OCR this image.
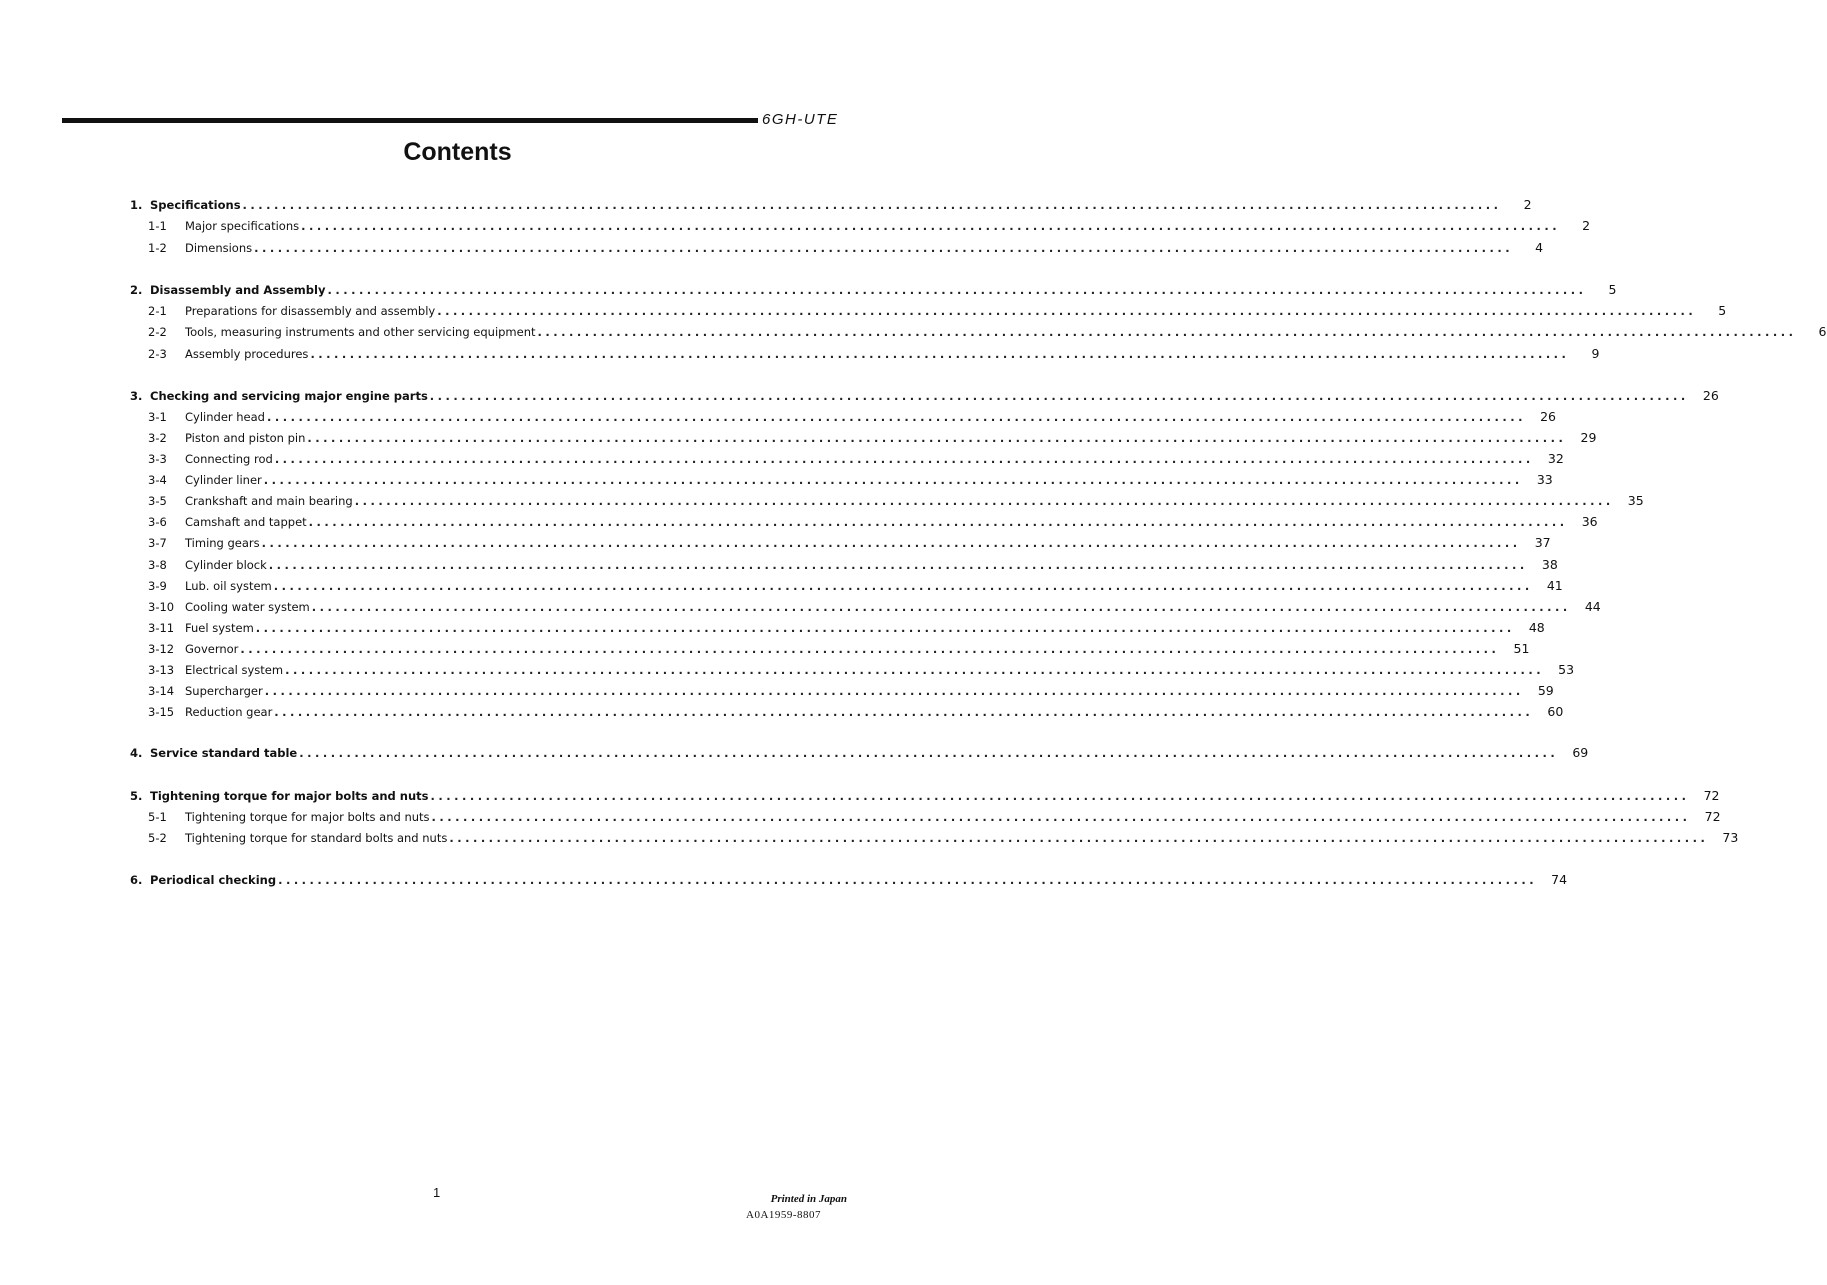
6GH-UTE
Contents
1. Specifications ................................................................................................................................................................	2
1-1	Major specifications ................................................................................................................................................................	2
1-2	Dimensions ................................................................................................................................................................	4
2. Disassembly and Assembly ................................................................................................................................................................	5
2-1	Preparations for disassembly and assembly ................................................................................................................................................................	5
2-2	Tools, measuring instruments and other servicing equipment ................................................................................................................................................................	6
2-3	Assembly procedures ................................................................................................................................................................	9
3. Checking and servicing major engine parts ................................................................................................................................................................	26
3-1	Cylinder head ................................................................................................................................................................	26
3-2	Piston and piston pin ................................................................................................................................................................	29
3-3	Connecting rod ................................................................................................................................................................	32
3-4	Cylinder liner ................................................................................................................................................................	33
3-5	Crankshaft and main bearing ................................................................................................................................................................	35
3-6	Camshaft and tappet ................................................................................................................................................................	36
3-7	Timing gears ................................................................................................................................................................	37
3-8	Cylinder block ................................................................................................................................................................	38
3-9	Lub. oil system ................................................................................................................................................................	41
3-10 Cooling water system ................................................................................................................................................................	44
3-11 Fuel system ................................................................................................................................................................	48
3-12 Governor ................................................................................................................................................................	51
3-13 Electrical system ................................................................................................................................................................	53
3-14 Supercharger ................................................................................................................................................................	59
3-15 Reduction gear ................................................................................................................................................................	60
4. Service standard table ................................................................................................................................................................	69
5. Tightening torque for major bolts and nuts ................................................................................................................................................................	72
5-1	Tightening torque for major bolts and nuts ................................................................................................................................................................	72
5-2	Tightening torque for standard bolts and nuts ................................................................................................................................................................	73
6. Periodical checking ................................................................................................................................................................	74
1	Printed in Japan
A0A1959-8807
